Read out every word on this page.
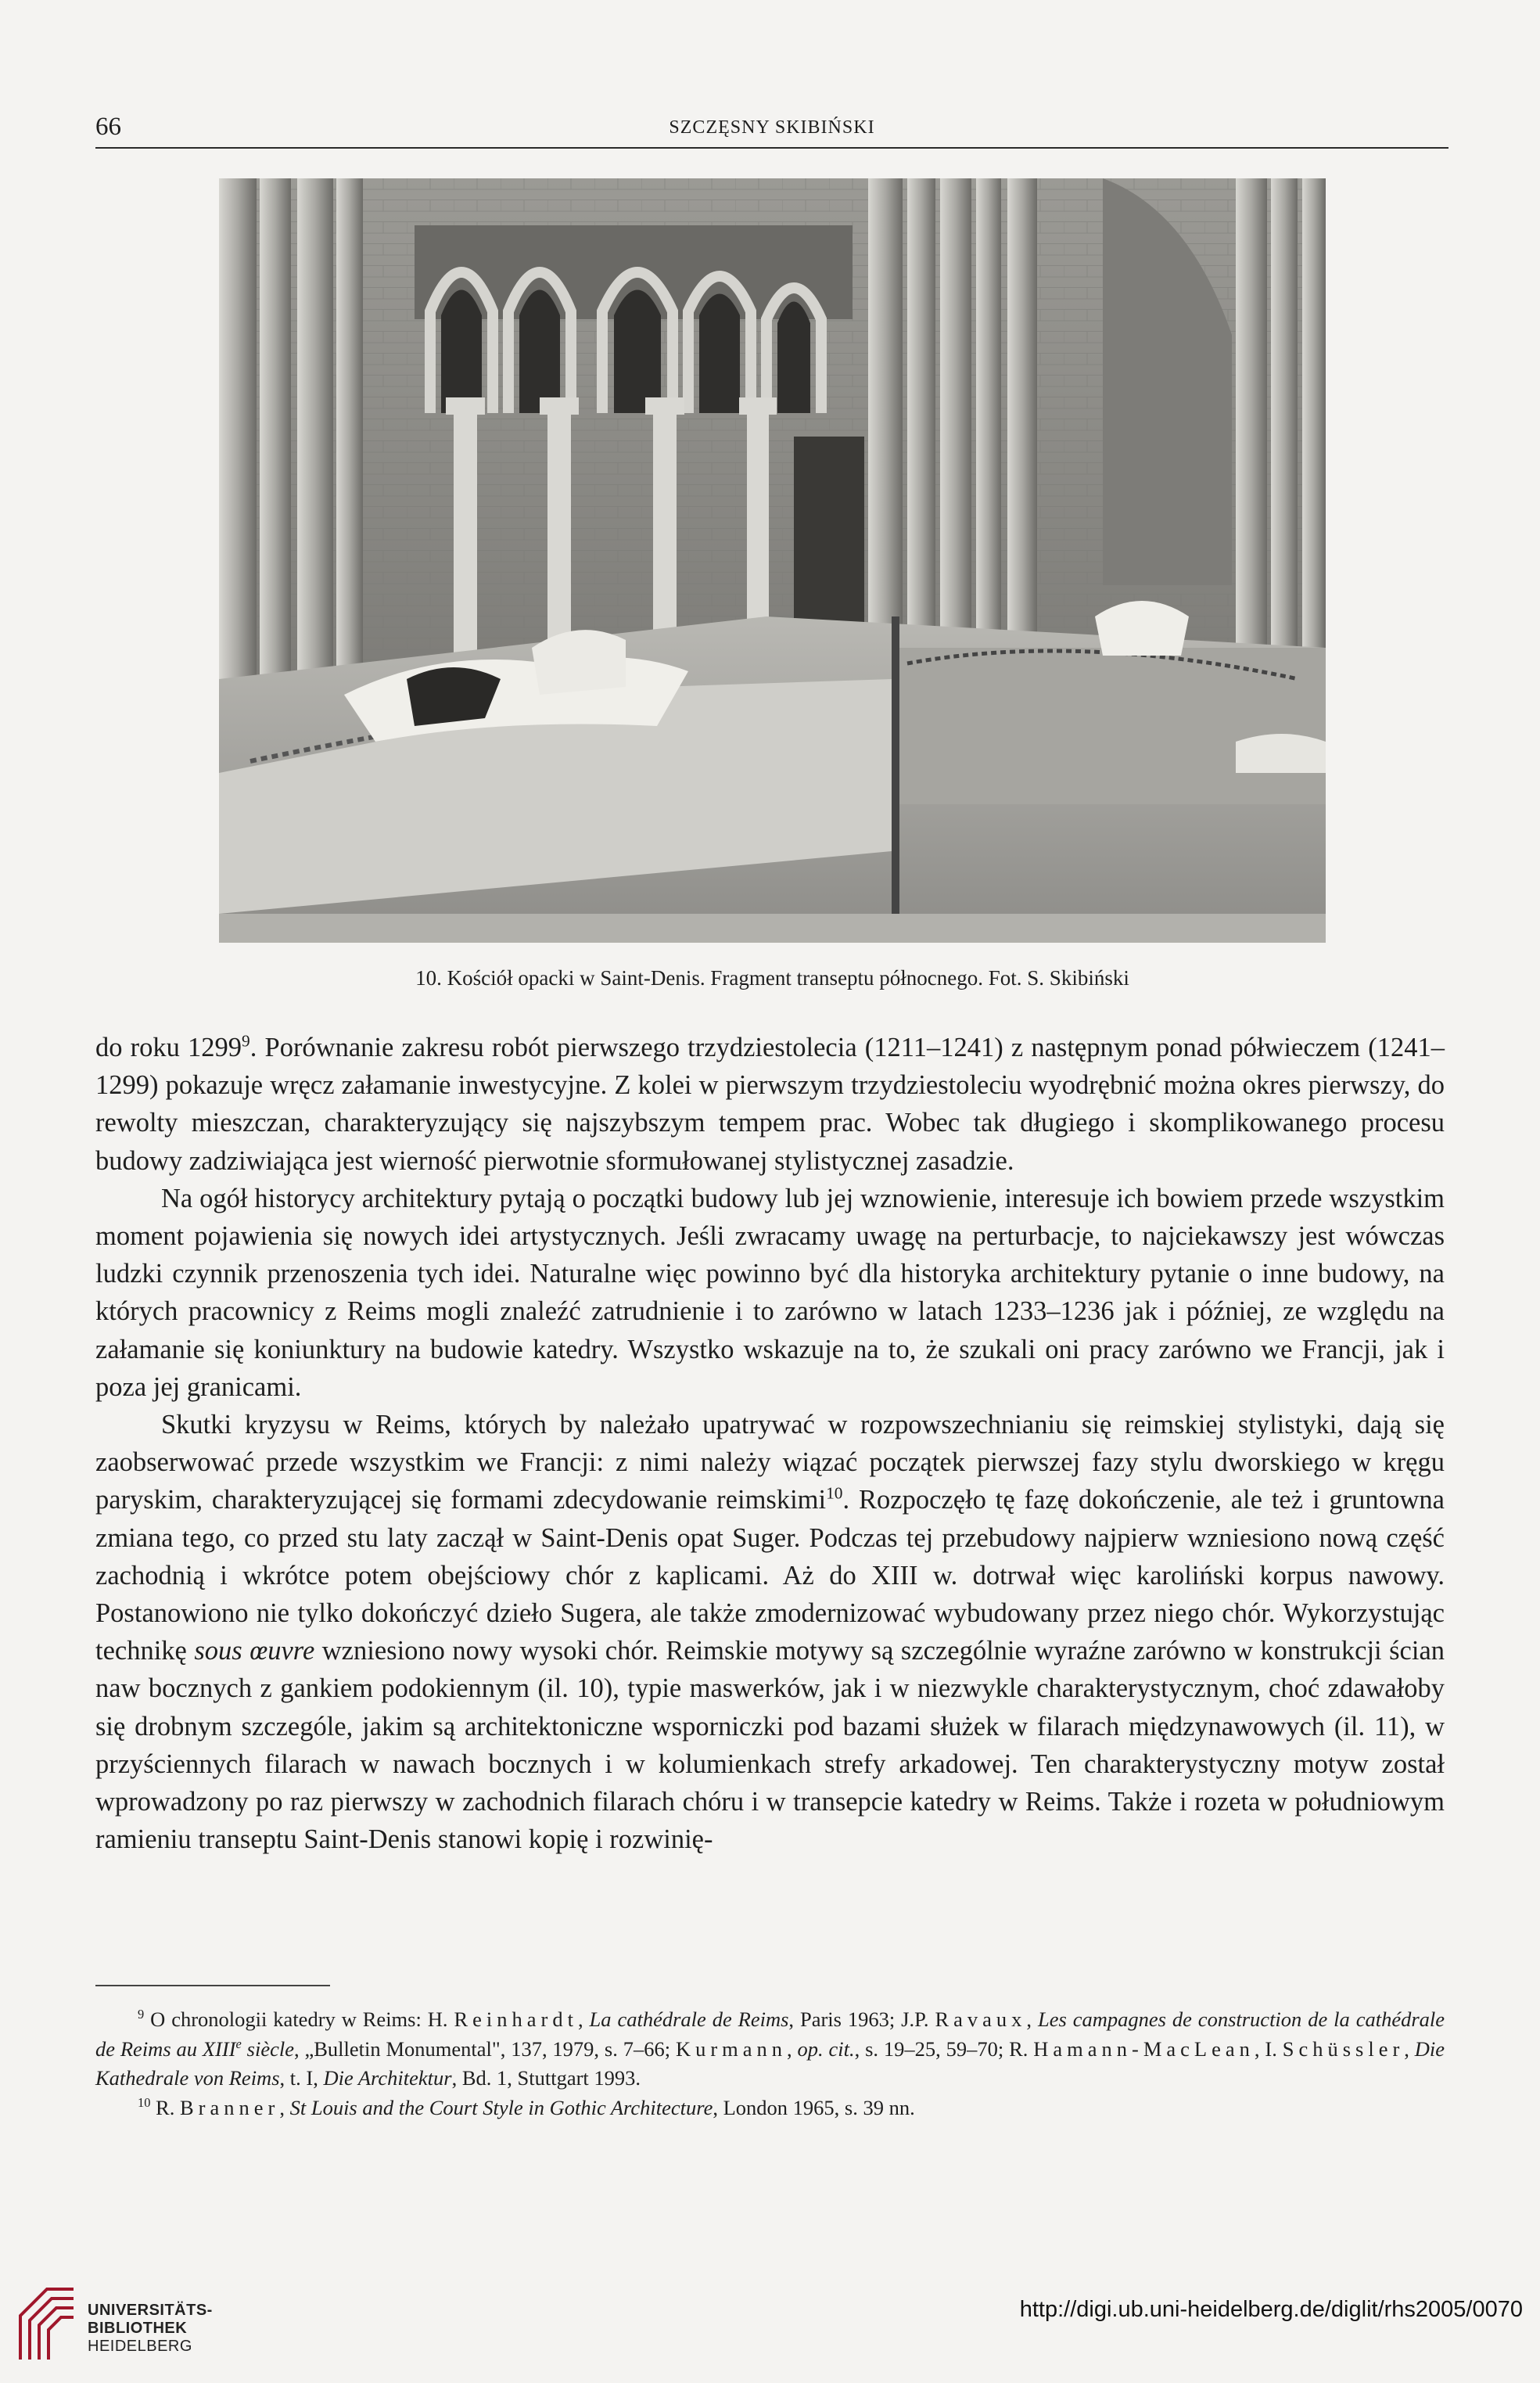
66	SZCZĘSNY SKIBIŃSKI
10. Kościół opacki w Saint-Denis. Fragment transeptu północnego. Fot. S. Skibiński

do roku 1299$^9$. Porównanie zakresu robót pierwszego trzydziestolecia (1211–1241) z następnym ponad półwieczem (1241–1299) pokazuje wręcz załamanie inwestycyjne. Z kolei w pierwszym trzydziestoleciu wyodrębnić można okres pierwszy, do rewolty mieszczan, charakteryzujący się najszybszym tempem prac. Wobec tak długiego i skomplikowanego procesu budowy zadziwiająca jest wierność pierwotnie sformułowanej stylistycznej zasadzie.

Na ogół historycy architektury pytają o początki budowy lub jej wznowienie, interesuje ich bowiem przede wszystkim moment pojawienia się nowych idei artystycznych. Jeśli zwracamy uwagę na perturbacje, to najciekawszy jest wówczas ludzki czynnik przenoszenia tych idei. Naturalne więc powinno być dla historyka architektury pytanie o inne budowy, na których pracownicy z Reims mogli znaleźć zatrudnienie i to zarówno w latach 1233–1236 jak i później, ze względu na załamanie się koniunktury na budowie katedry. Wszystko wskazuje na to, że szukali oni pracy zarówno we Francji, jak i poza jej granicami.

Skutki kryzysu w Reims, których by należało upatrywać w rozpowszechnianiu się reimskiej stylistyki, dają się zaobserwować przede wszystkim we Francji: z nimi należy wiązać początek pierwszej fazy stylu dworskiego w kręgu paryskim, charakteryzującej się formami zdecydowanie reimskimi$^{10}$. Rozpoczęło tę fazę dokończenie, ale też i gruntowna zmiana tego, co przed stu laty zaczął w Saint-Denis opat Suger. Podczas tej przebudowy najpierw wzniesiono nową część zachodnią i wkrótce potem obejściowy chór z kaplicami. Aż do XIII w. dotrwał więc karoliński korpus nawowy. Postanowiono nie tylko dokończyć dzieło Sugera, ale także zmodernizować wybudowany przez niego chór. Wykorzystując technikę sous œuvre wzniesiono nowy wysoki chór. Reimskie motywy są szczególnie wyraźne zarówno w konstrukcji ścian naw bocznych z gankiem podokiennym (il. 10), typie maswerków, jak i w niezwykle charakterystycznym, choć zdawałoby się drobnym szczególe, jakim są architektoniczne wsporniczki pod bazami służek w filarach międzynawowych (il. 11), w przyściennych filarach w nawach bocznych i w kolumienkach strefy arkadowej. Ten charakterystyczny motyw został wprowadzony po raz pierwszy w zachodnich filarach chóru i w transepcie katedry w Reims. Także i rozeta w południowym ramieniu transeptu Saint-Denis stanowi kopię i rozwinię-

$^9$ O chronologii katedry w Reims: H. Reinhardt, La cathédrale de Reims, Paris 1963; J.P. Ravaux, Les campagnes de construction de la cathédrale de Reims au XIIIe siècle, „Bulletin Monumental", 137, 1979, s. 7–66; Kurmann, op. cit., s. 19–25, 59–70; R. Hamann-MacLean, I. Schüssler, Die Kathedrale von Reims, t. I, Die Architektur, Bd. 1, Stuttgart 1993.

$^{10}$ R. Branner, St Louis and the Court Style in Gothic Architecture, London 1965, s. 39 nn.

UNIVERSITÄTS-
BIBLIOTHEK
HEIDELBERG
http://digi.ub.uni-heidelberg.de/diglit/rhs2005/0070
